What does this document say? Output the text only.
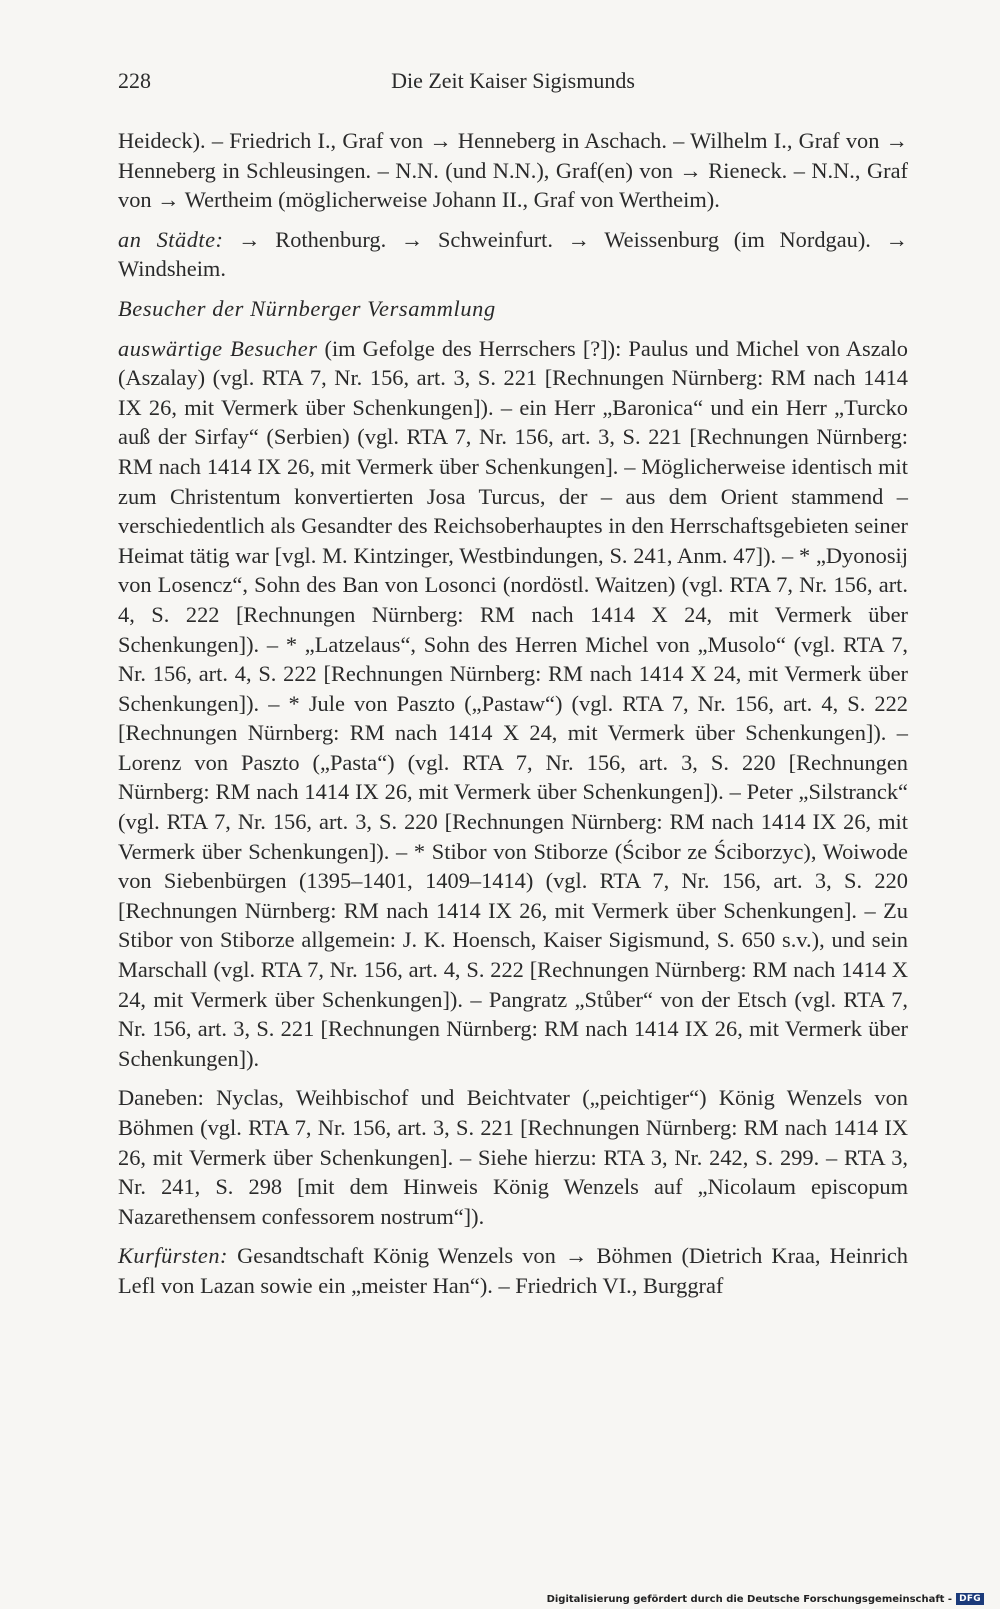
228	Die Zeit Kaiser Sigismunds

Heideck). – Friedrich I., Graf von → Henneberg in Aschach. – Wilhelm I., Graf von → Henneberg in Schleusingen. – N.N. (und N.N.), Graf(en) von → Rieneck. – N.N., Graf von → Wertheim (möglicherweise Johann II., Graf von Wertheim).

an Städte: → Rothenburg. → Schweinfurt. → Weissenburg (im Nordgau). → Windsheim.

Besucher der Nürnberger Versammlung

auswärtige Besucher (im Gefolge des Herrschers [?]): Paulus und Michel von Aszalo (Aszalay) (vgl. RTA 7, Nr. 156, art. 3, S. 221 [Rechnungen Nürnberg: RM nach 1414 IX 26, mit Vermerk über Schenkungen]). – ein Herr „Baronica“ und ein Herr „Turcko auß der Sirfay“ (Serbien) (vgl. RTA 7, Nr. 156, art. 3, S. 221 [Rechnungen Nürnberg: RM nach 1414 IX 26, mit Vermerk über Schenkungen]. – Möglicherweise identisch mit zum Christentum konvertierten Josa Turcus, der – aus dem Orient stammend – verschiedentlich als Gesandter des Reichsoberhauptes in den Herrschaftsgebieten seiner Heimat tätig war [vgl. M. Kintzinger, Westbindungen, S. 241, Anm. 47]). – * „Dyonosij von Losencz“, Sohn des Ban von Losonci (nordöstl. Waitzen) (vgl. RTA 7, Nr. 156, art. 4, S. 222 [Rechnungen Nürnberg: RM nach 1414 X 24, mit Vermerk über Schenkungen]). – * „Latzelaus“, Sohn des Herren Michel von „Musolo“ (vgl. RTA 7, Nr. 156, art. 4, S. 222 [Rechnungen Nürnberg: RM nach 1414 X 24, mit Vermerk über Schenkungen]). – * Jule von Paszto („Pastaw“) (vgl. RTA 7, Nr. 156, art. 4, S. 222 [Rechnungen Nürnberg: RM nach 1414 X 24, mit Vermerk über Schenkungen]). – Lorenz von Paszto („Pasta“) (vgl. RTA 7, Nr. 156, art. 3, S. 220 [Rechnungen Nürnberg: RM nach 1414 IX 26, mit Vermerk über Schenkungen]). – Peter „Silstranck“ (vgl. RTA 7, Nr. 156, art. 3, S. 220 [Rechnungen Nürnberg: RM nach 1414 IX 26, mit Vermerk über Schenkungen]). – * Stibor von Stiborze (Ścibor ze Ściborzyc), Woiwode von Siebenbürgen (1395–1401, 1409–1414) (vgl. RTA 7, Nr. 156, art. 3, S. 220 [Rechnungen Nürnberg: RM nach 1414 IX 26, mit Vermerk über Schenkungen]. – Zu Stibor von Stiborze allgemein: J. K. Hoensch, Kaiser Sigismund, S. 650 s.v.), und sein Marschall (vgl. RTA 7, Nr. 156, art. 4, S. 222 [Rechnungen Nürnberg: RM nach 1414 X 24, mit Vermerk über Schenkungen]). – Pangratz „Stůber“ von der Etsch (vgl. RTA 7, Nr. 156, art. 3, S. 221 [Rechnungen Nürnberg: RM nach 1414 IX 26, mit Vermerk über Schenkungen]).

Daneben: Nyclas, Weihbischof und Beichtvater („peichtiger“) König Wenzels von Böhmen (vgl. RTA 7, Nr. 156, art. 3, S. 221 [Rechnungen Nürnberg: RM nach 1414 IX 26, mit Vermerk über Schenkungen]. – Siehe hierzu: RTA 3, Nr. 242, S. 299. – RTA 3, Nr. 241, S. 298 [mit dem Hinweis König Wenzels auf „Nicolaum episcopum Nazarethensem confessorem nostrum“]).

Kurfürsten: Gesandtschaft König Wenzels von → Böhmen (Dietrich Kraa, Heinrich Lefl von Lazan sowie ein „meister Han“). – Friedrich VI., Burggraf

Digitalisierung gefördert durch die Deutsche Forschungsgemeinschaft - DFG
